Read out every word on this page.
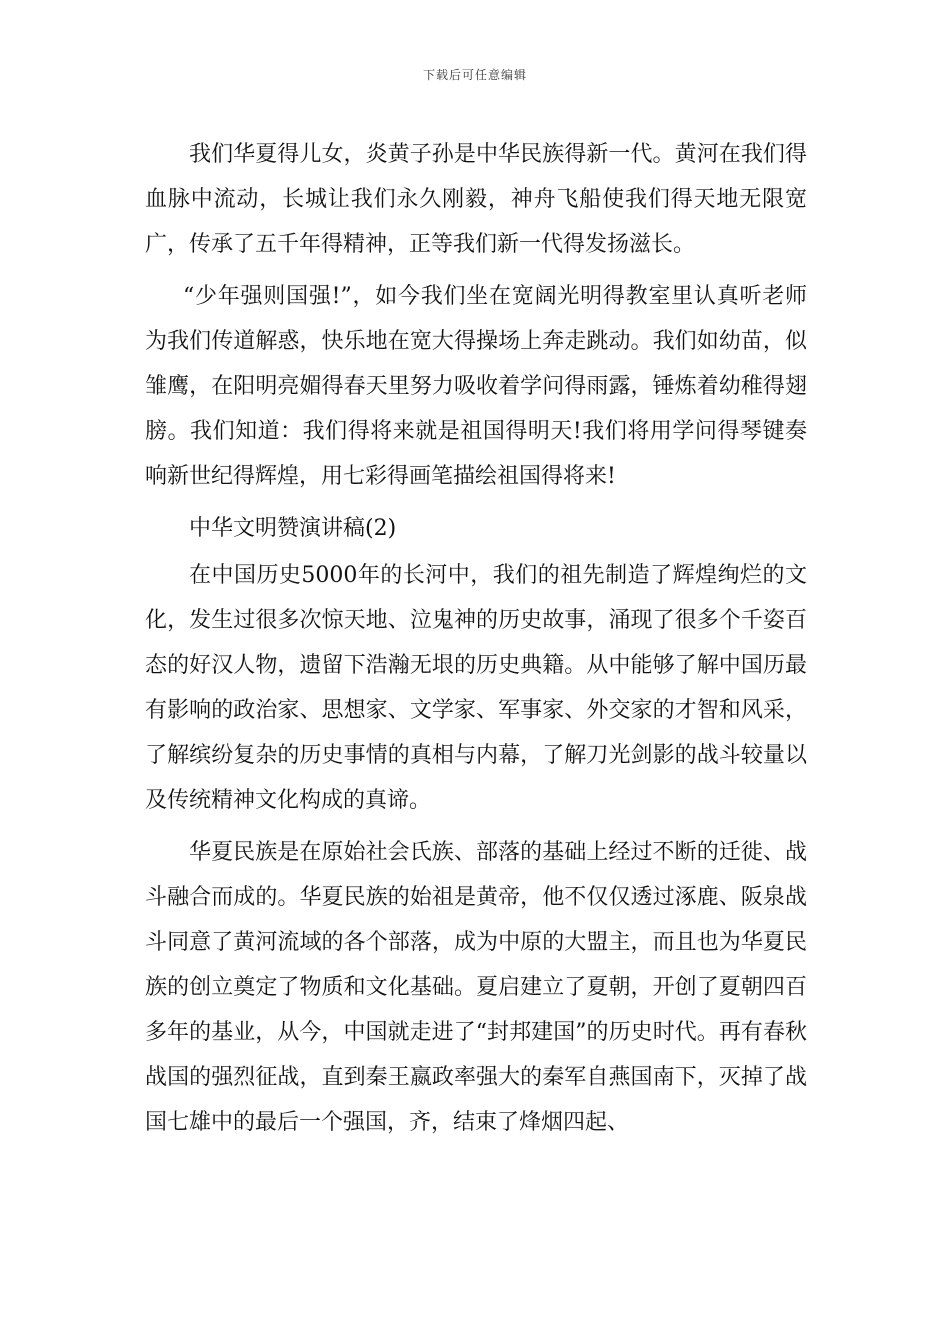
下载后可任意编辑

我们华夏得儿女，炎黄子孙是中华民族得新一代。黄河在我们得血脉中流动，长城让我们永久刚毅，神舟飞船使我们得天地无限宽广，传承了五千年得精神，正等我们新一代得发扬滋长。

“少年强则国强!”，如今我们坐在宽阔光明得教室里认真听老师为我们传道解惑，快乐地在宽大得操场上奔走跳动。我们如幼苗，似雏鹰，在阳明亮媚得春天里努力吸收着学问得雨露，锤炼着幼稚得翅膀。我们知道：我们得将来就是祖国得明天!我们将用学问得琴键奏响新世纪得辉煌，用七彩得画笔描绘祖国得将来!

中华文明赞演讲稿(2)

在中国历史5000年的长河中，我们的祖先制造了辉煌绚烂的文化，发生过很多次惊天地、泣鬼神的历史故事，涌现了很多个千姿百态的好汉人物，遗留下浩瀚无垠的历史典籍。从中能够了解中国历最有影响的政治家、思想家、文学家、军事家、外交家的才智和风采，了解缤纷复杂的历史事情的真相与内幕，了解刀光剑影的战斗较量以及传统精神文化构成的真谛。

华夏民族是在原始社会氏族、部落的基础上经过不断的迁徙、战斗融合而成的。华夏民族的始祖是黄帝，他不仅仅透过涿鹿、阪泉战斗同意了黄河流域的各个部落，成为中原的大盟主，而且也为华夏民族的创立奠定了物质和文化基础。夏启建立了夏朝，开创了夏朝四百多年的基业，从今，中国就走进了“封邦建国”的历史时代。再有春秋战国的强烈征战，直到秦王嬴政率强大的秦军自燕国南下，灭掉了战国七雄中的最后一个强国，齐，结束了烽烟四起、
